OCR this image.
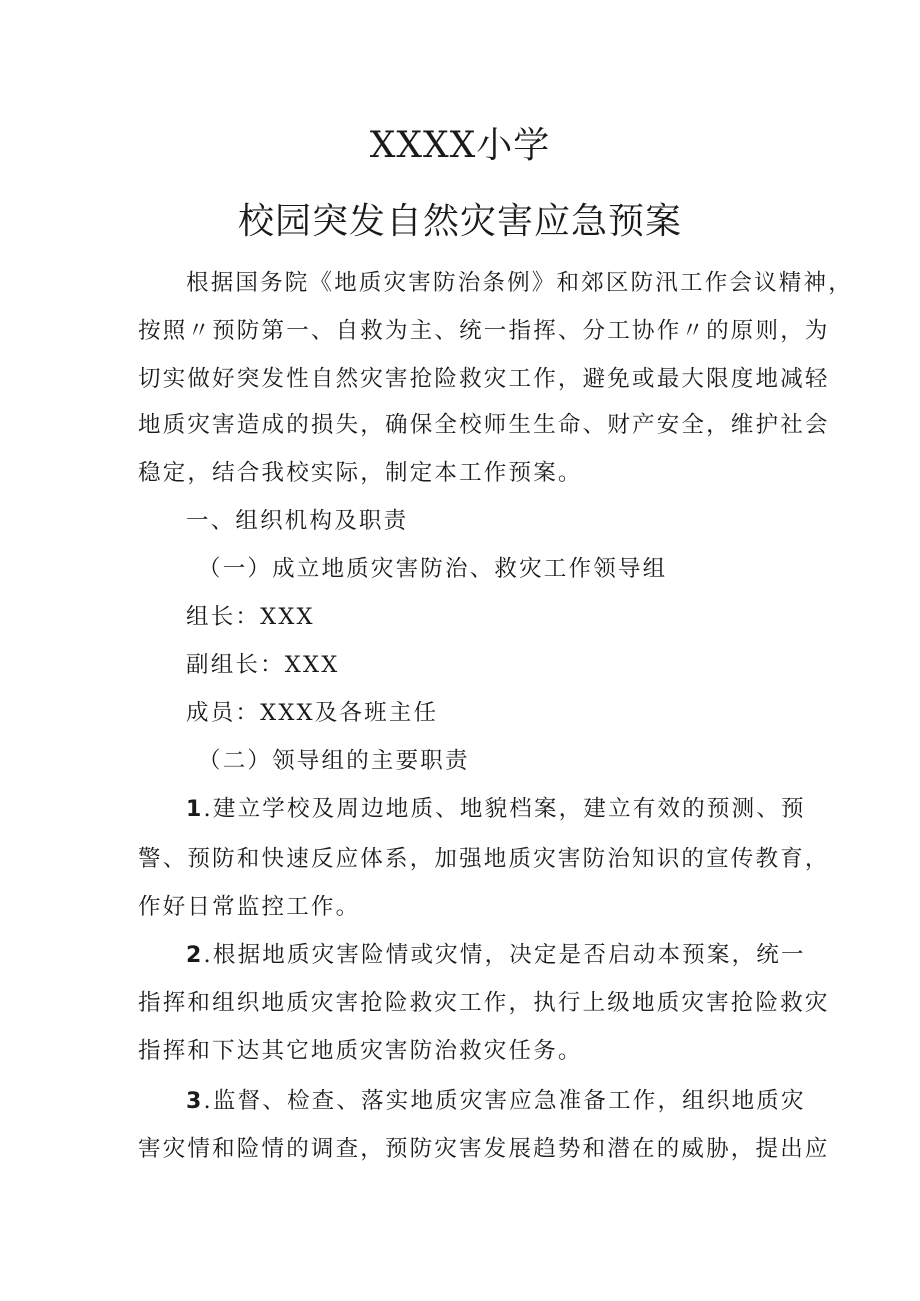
XXXX小学
校园突发自然灾害应急预案
根据国务院《地质灾害防治条例》和郊区防汛工作会议精神，
按照〃预防第一、自救为主、统一指挥、分工协作〃的原则，为
切实做好突发性自然灾害抢险救灾工作，避免或最大限度地减轻
地质灾害造成的损失，确保全校师生生命、财产安全，维护社会
稳定，结合我校实际，制定本工作预案。
一、组织机构及职责
（一）成立地质灾害防治、救灾工作领导组
组长：XXX
副组长：XXX
成员：XXX及各班主任
（二）领导组的主要职责
1.建立学校及周边地质、地貌档案，建立有效的预测、预
警、预防和快速反应体系，加强地质灾害防治知识的宣传教育，
作好日常监控工作。
2.根据地质灾害险情或灾情，决定是否启动本预案，统一
指挥和组织地质灾害抢险救灾工作，执行上级地质灾害抢险救灾
指挥和下达其它地质灾害防治救灾任务。
3.监督、检查、落实地质灾害应急准备工作，组织地质灾
害灾情和险情的调查，预防灾害发展趋势和潜在的威胁，提出应
